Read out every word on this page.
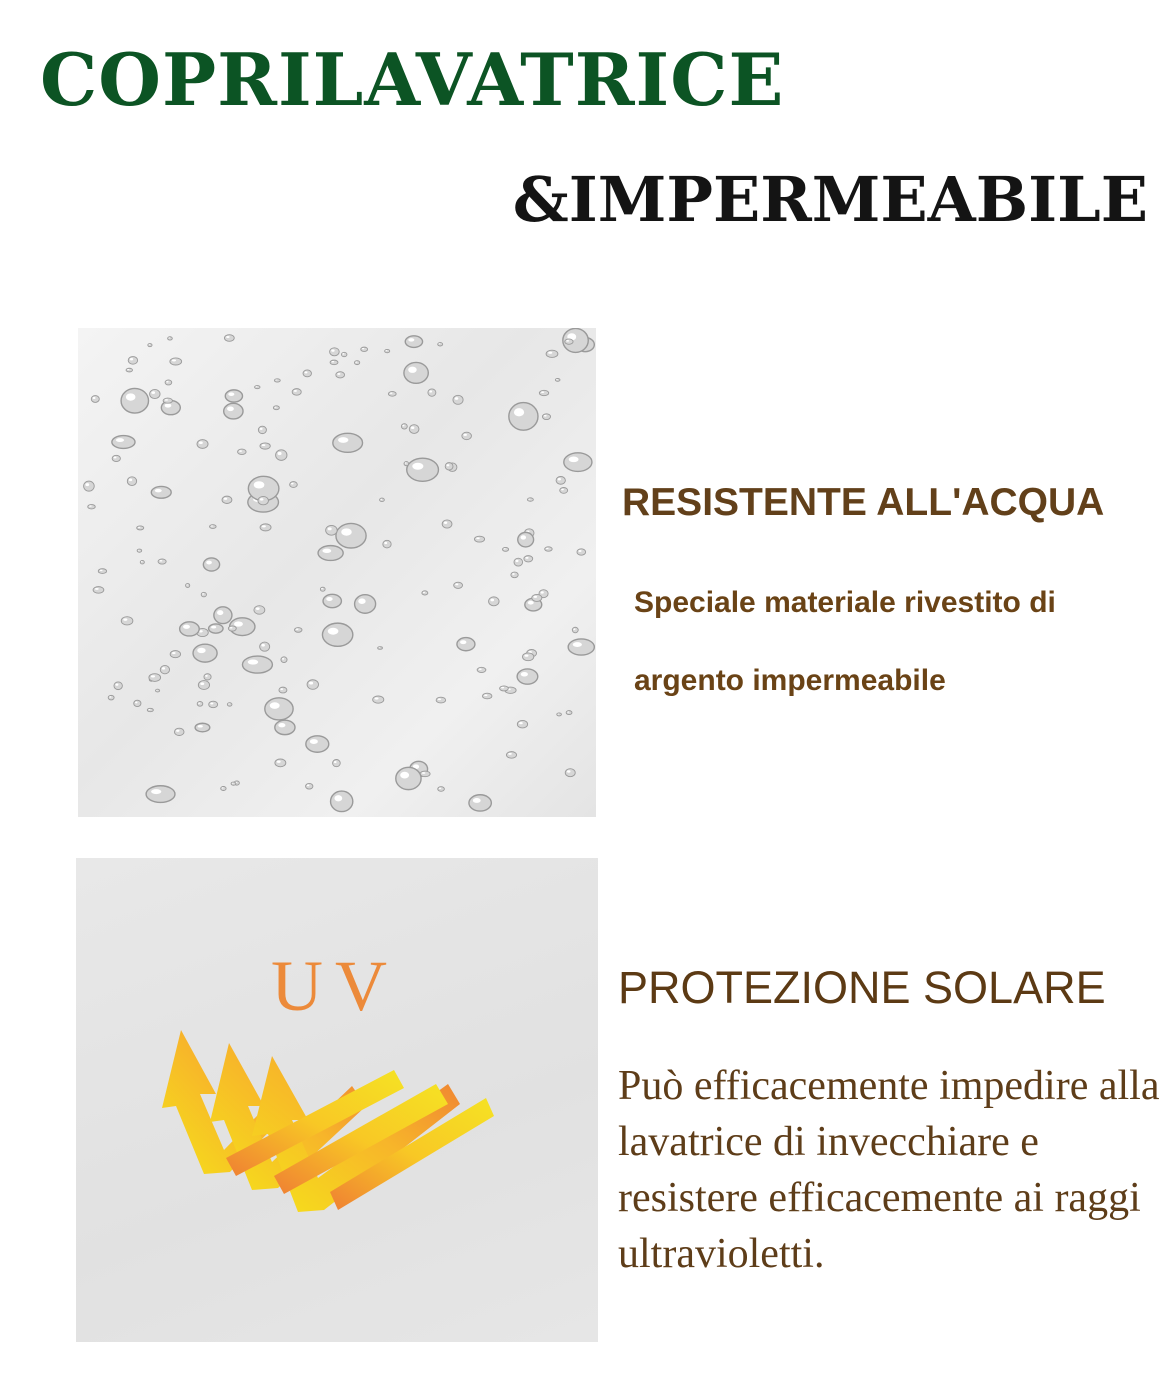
COPRILAVATRICE
&IMPERMEABILE
RESISTENTE ALL'ACQUA

Speciale materiale rivestito di

argento impermeabile

UV	PROTEZIONE SOLARE

Può efficacemente impedire alla lavatrice di invecchiare e resistere efficacemente ai raggi ultravioletti.
